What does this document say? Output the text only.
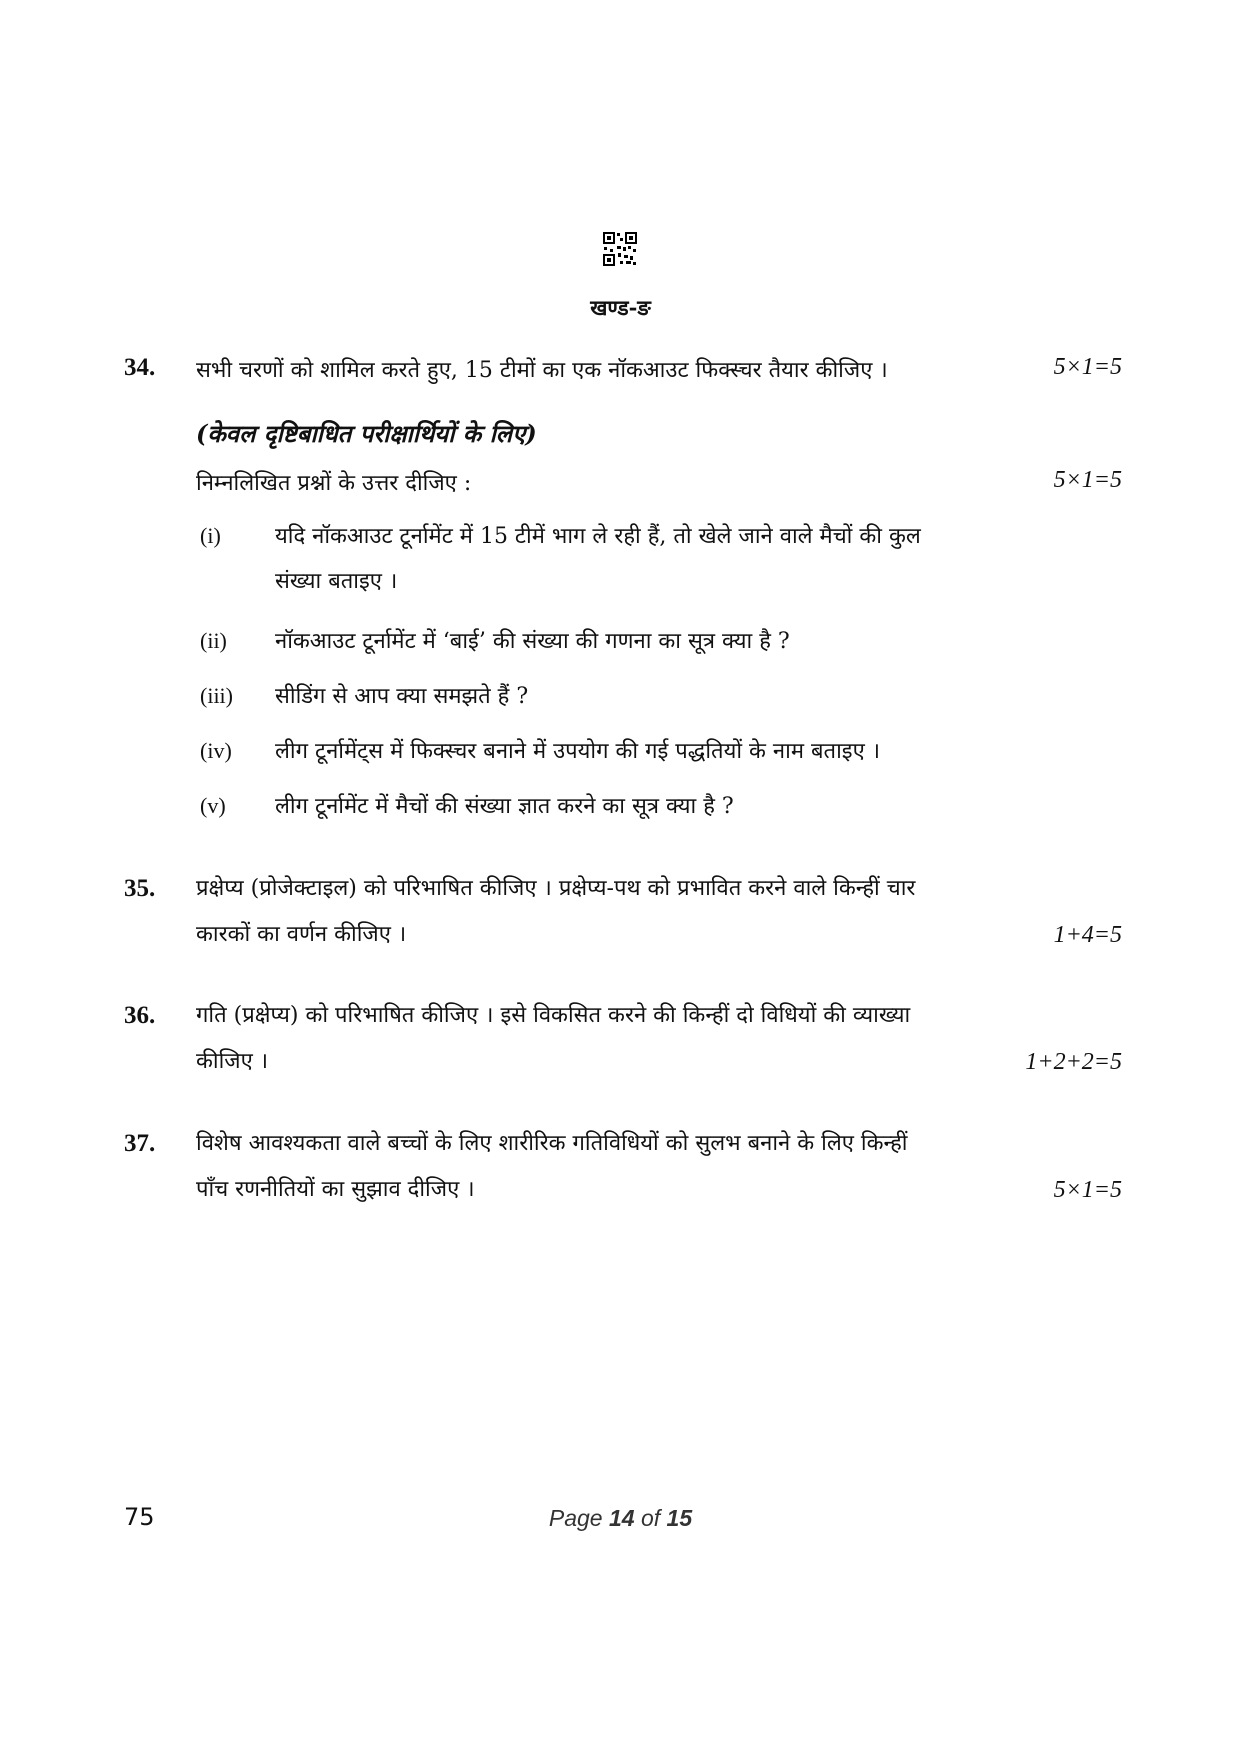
खण्ड-ङ
34. सभी चरणों को शामिल करते हुए, 15 टीमों का एक नॉकआउट फिक्स्चर तैयार कीजिए ।	5×1=5
(केवल दृष्टिबाधित परीक्षार्थियों के लिए)
निम्नलिखित प्रश्नों के उत्तर दीजिए :	5×1=5
(i) यदि नॉकआउट टूर्नामेंट में 15 टीमें भाग ले रही हैं, तो खेले जाने वाले मैचों की कुल
संख्या बताइए ।
(ii) नॉकआउट टूर्नामेंट में ‘बाई’ की संख्या की गणना का सूत्र क्या है ?
(iii) सीडिंग से आप क्या समझते हैं ?
(iv) लीग टूर्नामेंट्स में फिक्स्चर बनाने में उपयोग की गई पद्धतियों के नाम बताइए ।
(v) लीग टूर्नामेंट में मैचों की संख्या ज्ञात करने का सूत्र क्या है ?
35. प्रक्षेप्य (प्रोजेक्टाइल) को परिभाषित कीजिए । प्रक्षेप्य-पथ को प्रभावित करने वाले किन्हीं चार
कारकों का वर्णन कीजिए ।	1+4=5
36. गति (प्रक्षेप्य) को परिभाषित कीजिए । इसे विकसित करने की किन्हीं दो विधियों की व्याख्या
कीजिए ।	1+2+2=5
37. विशेष आवश्यकता वाले बच्चों के लिए शारीरिक गतिविधियों को सुलभ बनाने के लिए किन्हीं
पाँच रणनीतियों का सुझाव दीजिए ।	5×1=5
75	Page 14 of 15
